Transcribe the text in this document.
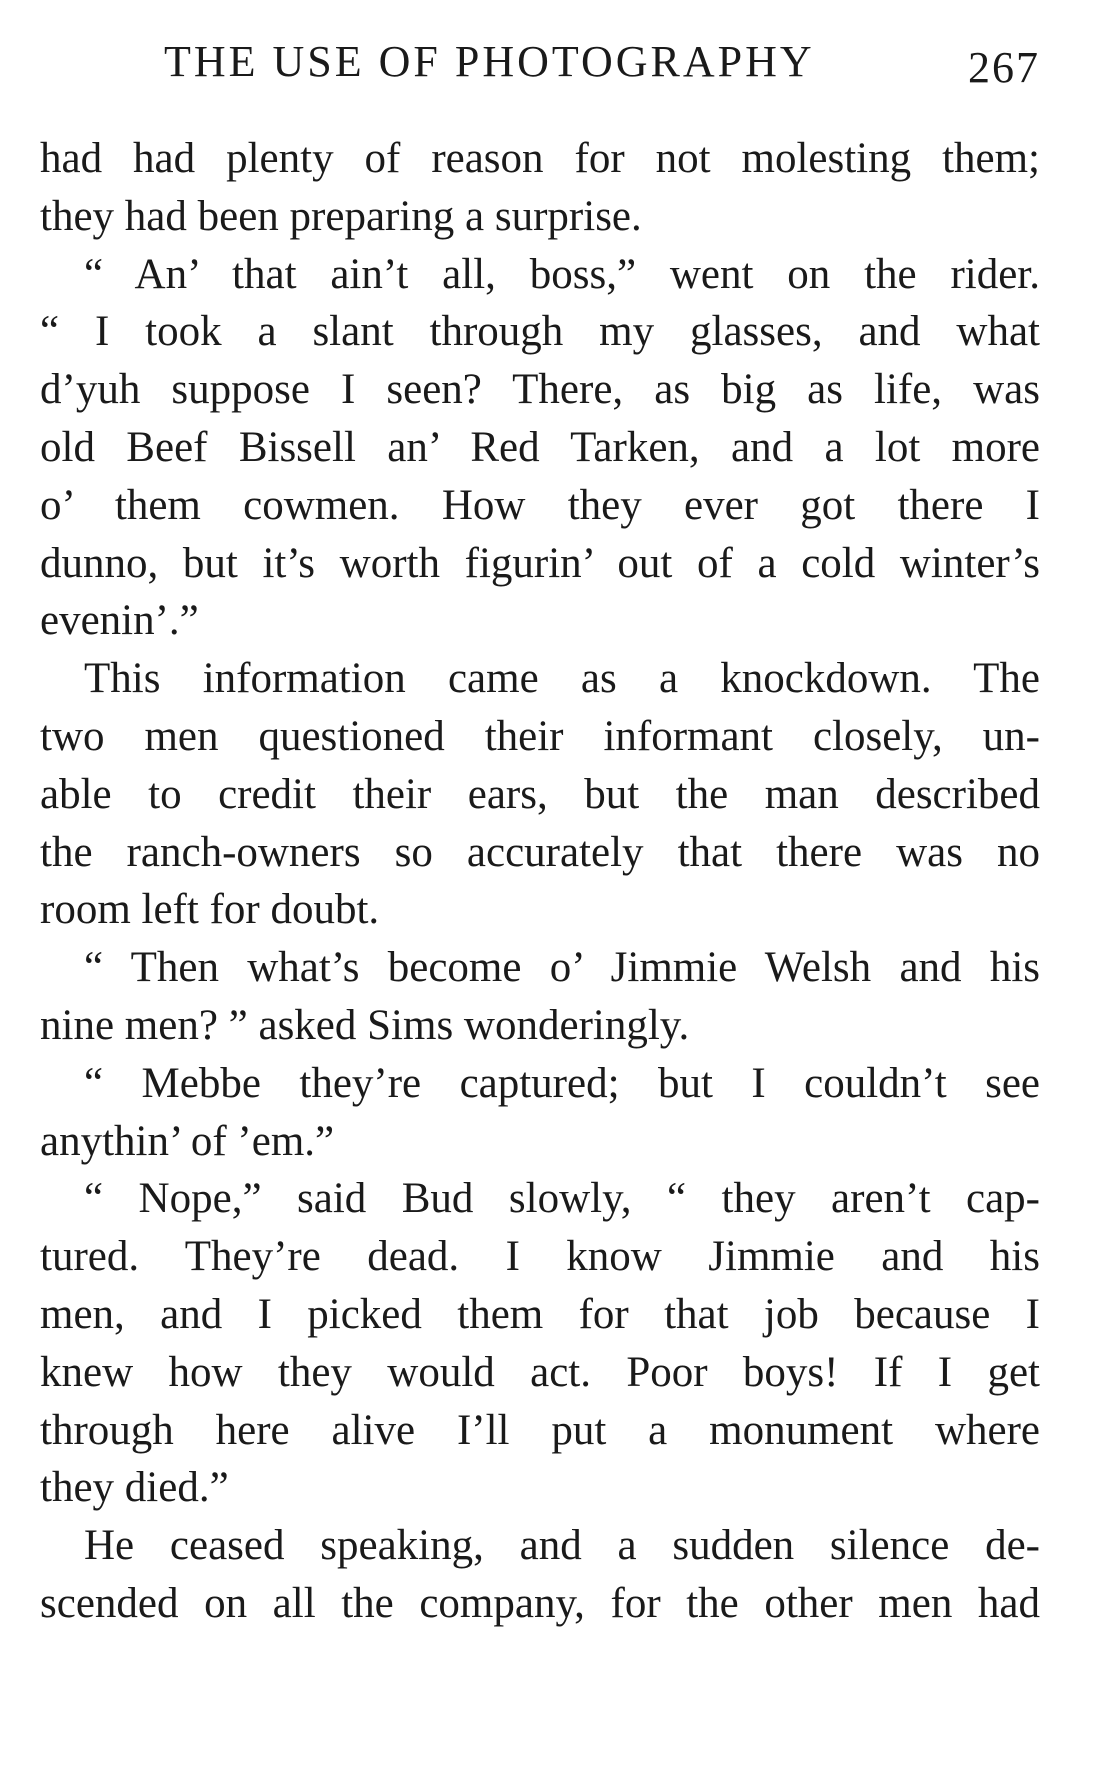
THE USE OF PHOTOGRAPHY	267
had had plenty of reason for not molesting them;
they had been preparing a surprise.
“ An’ that ain’t all, boss,” went on the rider.
“ I took a slant through my glasses, and what
d’yuh suppose I seen? There, as big as life, was
old Beef Bissell an’ Red Tarken, and a lot more
o’ them cowmen. How they ever got there I
dunno, but it’s worth figurin’ out of a cold winter’s
evenin’.”
This information came as a knockdown. The
two men questioned their informant closely, un-
able to credit their ears, but the man described
the ranch-owners so accurately that there was no
room left for doubt.
“ Then what’s become o’ Jimmie Welsh and his
nine men? ” asked Sims wonderingly.
“ Mebbe they’re captured; but I couldn’t see
anythin’ of ’em.”
“ Nope,” said Bud slowly, “ they aren’t cap-
tured. They’re dead. I know Jimmie and his
men, and I picked them for that job because I
knew how they would act. Poor boys! If I get
through here alive I’ll put a monument where
they died.”
He ceased speaking, and a sudden silence de-
scended on all the company, for the other men had
